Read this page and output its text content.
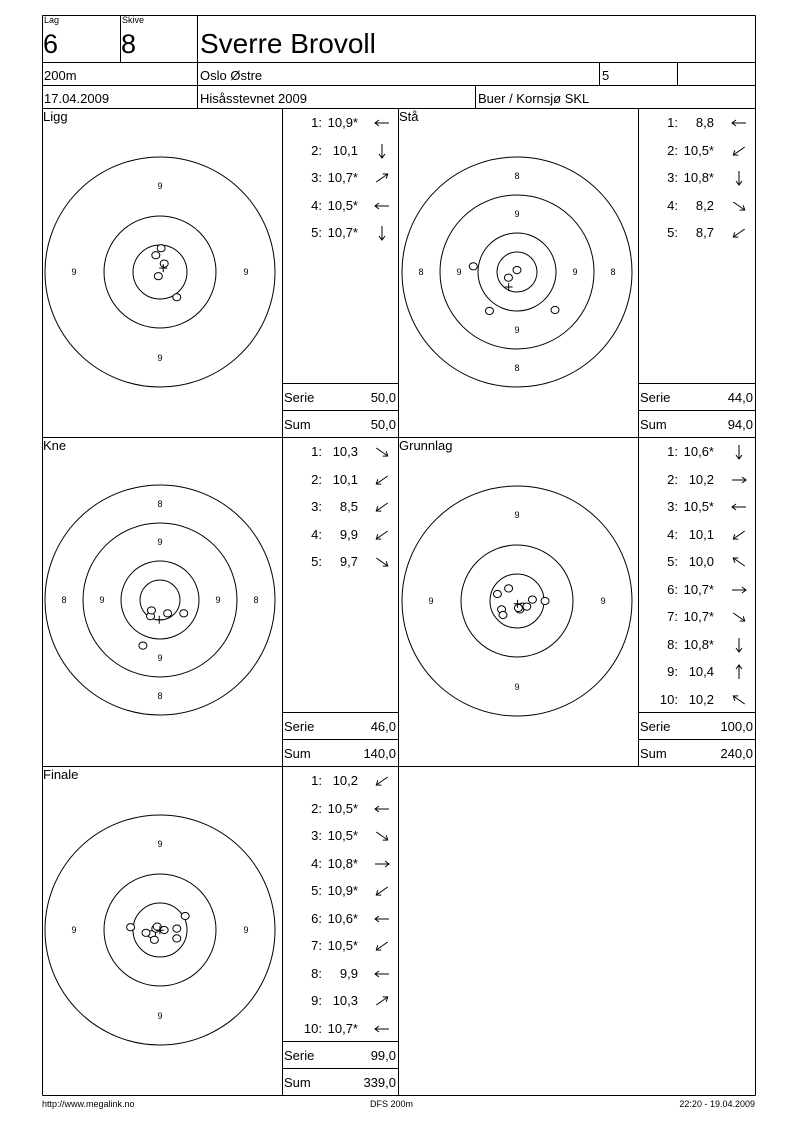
Lag
6
Skive
8 Sverre Brovoll
200m	Oslo Østre	5
17.04.2009	Hisåsstevnet 2009	Buer / Kornsjø SKL
Ligg
9
9
9	9
1: 10,9*
2: 10,1
3: 10,7*
4: 10,5*
5: 10,7*
Serie	50,0
Sum	50,0
Stå
8
8
8	8
9
9
9	9
1:	8,8
2: 10,5*
3: 10,8*
4:	8,2
5:	8,7
Serie	44,0
Sum	94,0
Kne
8
8
8	8
9
9
9	9
1: 10,3
2: 10,1
3:	8,5
4:	9,9
5:	9,7
Serie	46,0
Sum	140,0
Grunnlag
9
9
9	9
1: 10,6*
2: 10,2
3: 10,5*
4: 10,1
5: 10,0
6: 10,7*
7: 10,7*
8: 10,8*
9: 10,4
10: 10,2
Serie	100,0
Sum	240,0
Finale
9
9
9	9
1: 10,2
2: 10,5*
3: 10,5*
4: 10,8*
5: 10,9*
6: 10,6*
7: 10,5*
8:	9,9
9: 10,3
10: 10,7*
Serie	99,0
Sum	339,0
http://www.megalink.no	DFS 200m	22:20 - 19.04.2009
